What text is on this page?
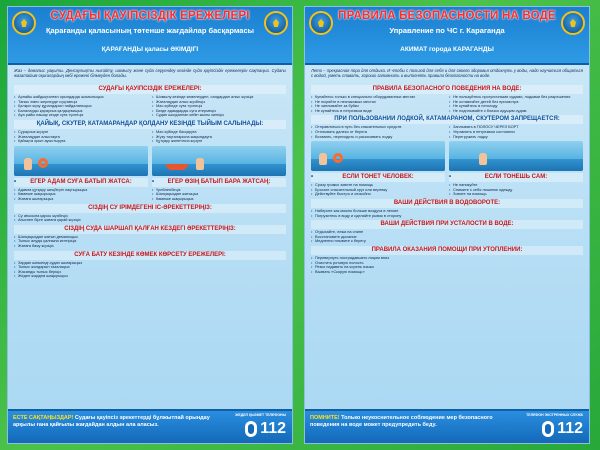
СУДАҒЫ ҚАУІПСІЗДІК ЕРЕЖЕЛЕРІ
Қарағанды қаласының төтенше жағдайлар басқармасы
ҚАРАҒАНДЫ қаласы ӘКІМДІГІ
Жаз – демалыс уақыты. Денсаулықты нығайту, шомылу және суда серуендеу кезінде суда қауіпсіздік ережелерін сақтаңыз. Судағы жазатайым оқиғалардың көбі ережені білмеуден болады.
СУДАҒЫ ҚАУІПСІЗДІК ЕРЕЖЕЛЕРІ:
• Арнайы жабдықталған орындарда шомылыңыз
• Таныс емес жерлерде сүңгімеңіз
• Қалқып жүзу құралдарын пайдаланыңыз
• Балаларды қараусыз қалдырмаңыз
• Ауа райы нашар кезде суға түспеңіз
• Шомылу кезінде кемелерден, салдардан алыс жүзіңіз
• Жағалаудан алыс жүзбеңіз
• Мас күйінде суға түспеңіз
• Бөгде адамдарды суға итермеңіз
• Судан шыққаннан кейін жылы киініңіз
ҚАЙЫҚ, СКУТЕР, КАТАМАРАНДАР ҚОЛДАНУ КЕЗІНДЕ ТЫЙЫМ САЛЫНАДЫ:
• Сұраусыз жүзуге
• Жағалаудан алыстауға
• Қайықта орын ауыстыруға
• Мас күйінде басқаруға
• Жүзу тақталарына жақындауға
• Құтқару жилетінсіз жүзуге
• ЕГЕР АДАМ СУҒА БАТЫП ЖАТСА:
• Адамға құтқару шеңберін лақтырыңыз
• Көмекке шақырыңыз
• Жағаға шығарыңыз
• ЕГЕР ӨЗІҢ БАТЫП БАРА ЖАТСАҢ:
• Үрейленбеңіз
• Шалқаңыздан жатыңыз
• Көмекке шақырыңыз
СІЗДІҢ СУ ІРІМДЕГЕНІ ІС-ӘРЕКЕТТЕРІҢІЗ:
• Су ағысына қарсы жүзбеңіз
• Ағыспен бірге жағаға қарай жүзіңіз
СІЗДІҢ СУДА ШАРШАП ҚАЛҒАН КЕЗДЕГІ ӘРЕКЕТТЕРІҢІЗ:
• Шалқаңыздан жатып демалыңыз
• Тыныс алуды қалпына келтіріңіз
• Жағаға баяу жүзіңіз
СУҒА БАТУ КЕЗІНДЕ КӨМЕК КӨРСЕТУ ЕРЕЖЕЛЕРІ:
• Зардап шеккенді судан шығарыңыз
• Тыныс жолдарын тазалаңыз
• Жасанды тыныс беріңіз
• Жедел жәрдем шақырыңыз
ЕСТЕ САҚТАҢЫЗДАР! Судағы қауіпсіз әрекеттерді бұлжытпай орындау арқылы ғана қайғылы жағдайдан алдын ала аласыз.
ЖЕДЕЛ ҚЫЗМЕТ ТЕЛЕФОНЫ
112
ПРАВИЛА БЕЗОПАСНОСТИ НА ВОДЕ
Управление по ЧС г. Караганда
АКИМАТ города КАРАГАНДЫ
Лето – прекрасная пора для отдыха. И чтобы с пользой для себя и для своего здоровья отдохнуть у воды, надо научиться общаться с водой, уметь плавать, хорошо запомнить и выполнять правила безопасности на воде.
ПРАВИЛА БЕЗОПАСНОГО ПОВЕДЕНИЯ НА ВОДЕ:
• Купайтесь только в специально оборудованных местах
• Не ныряйте в незнакомых местах
• Не заплывайте за буйки
• Не купайтесь в нетрезвом виде
• Не пользуйтесь прогулочными судами, лодками без разрешения
• Не оставляйте детей без присмотра
• Не купайтесь в непогоду
• Не подплывайте к близко идущим судам
ПРИ ПОЛЬЗОВАНИИ ЛОДКОЙ, КАТАМАРАНОМ, СКУТЕРОМ ЗАПРЕЩАЕТСЯ:
• Отправляться в путь без спасательных средств
• Отплывать далеко от берега
• Вставать, переходить и раскачивать лодку
• Заплывать в ПОЛОСУ ЧЕРЕЗ БОРТ
• Управлять в нетрезвом состоянии
• Перегружать лодку
• ЕСЛИ ТОНЕТ ЧЕЛОВЕК:
• Сразу громко зовите на помощь
• Бросьте спасательный круг или веревку
• Действуйте быстро и спокойно
• ЕСЛИ ТОНЕШЬ САМ:
• Не паникуйте
• Снимите с себя лишнюю одежду
• Зовите на помощь
ВАШИ ДЕЙСТВИЯ В ВОДОВОРОТЕ:
• Наберите как можно больше воздуха в легкие
• Погрузитесь в воду и сделайте рывок в сторону
ВАШИ ДЕЙСТВИЯ ПРИ УСТАЛОСТИ В ВОДЕ:
• Отдыхайте, лежа на спине
• Восстановите дыхание
• Медленно плывите к берегу
ПРАВИЛА ОКАЗАНИЯ ПОМОЩИ ПРИ УТОПЛЕНИИ:
• Перевернуть пострадавшего лицом вниз
• Очистить ротовую полость
• Резко надавить на корень языка
• Вызвать «Скорую помощь»
ПОМНИТЕ! Только неукоснительное соблюдение мер безопасного поведения на воде может предупредить беду.
ТЕЛЕФОН ЭКСТРЕННЫХ СЛУЖБ
112
